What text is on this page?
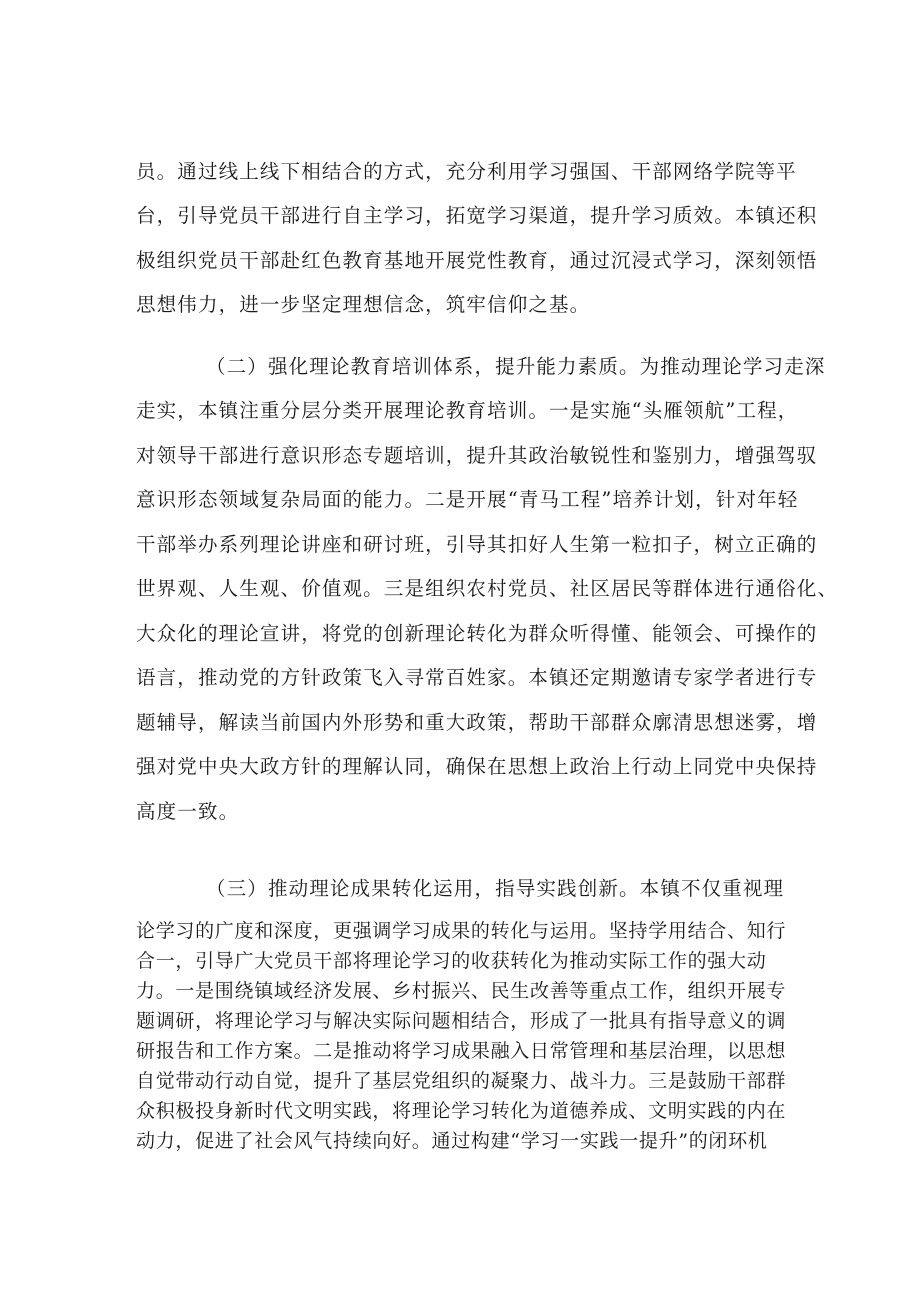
员。通过线上线下相结合的方式，充分利用学习强国、干部网络学院等平
台，引导党员干部进行自主学习，拓宽学习渠道，提升学习质效。本镇还积
极组织党员干部赴红色教育基地开展党性教育，通过沉浸式学习，深刻领悟
思想伟力，进一步坚定理想信念，筑牢信仰之基。
（二）强化理论教育培训体系，提升能力素质。为推动理论学习走深
走实，本镇注重分层分类开展理论教育培训。一是实施“头雁领航”工程，
对领导干部进行意识形态专题培训，提升其政治敏锐性和鉴别力，增强驾驭
意识形态领域复杂局面的能力。二是开展“青马工程”培养计划，针对年轻
干部举办系列理论讲座和研讨班，引导其扣好人生第一粒扣子，树立正确的
世界观、人生观、价值观。三是组织农村党员、社区居民等群体进行通俗化、
大众化的理论宣讲，将党的创新理论转化为群众听得懂、能领会、可操作的
语言，推动党的方针政策飞入寻常百姓家。本镇还定期邀请专家学者进行专
题辅导，解读当前国内外形势和重大政策，帮助干部群众廓清思想迷雾，增
强对党中央大政方针的理解认同，确保在思想上政治上行动上同党中央保持
高度一致。
（三）推动理论成果转化运用，指导实践创新。本镇不仅重视理
论学习的广度和深度，更强调学习成果的转化与运用。坚持学用结合、知行
合一，引导广大党员干部将理论学习的收获转化为推动实际工作的强大动
力。一是围绕镇域经济发展、乡村振兴、民生改善等重点工作，组织开展专
题调研，将理论学习与解决实际问题相结合，形成了一批具有指导意义的调
研报告和工作方案。二是推动将学习成果融入日常管理和基层治理，以思想
自觉带动行动自觉，提升了基层党组织的凝聚力、战斗力。三是鼓励干部群
众积极投身新时代文明实践，将理论学习转化为道德养成、文明实践的内在
动力，促进了社会风气持续向好。通过构建“学习一实践一提升”的闭环机
